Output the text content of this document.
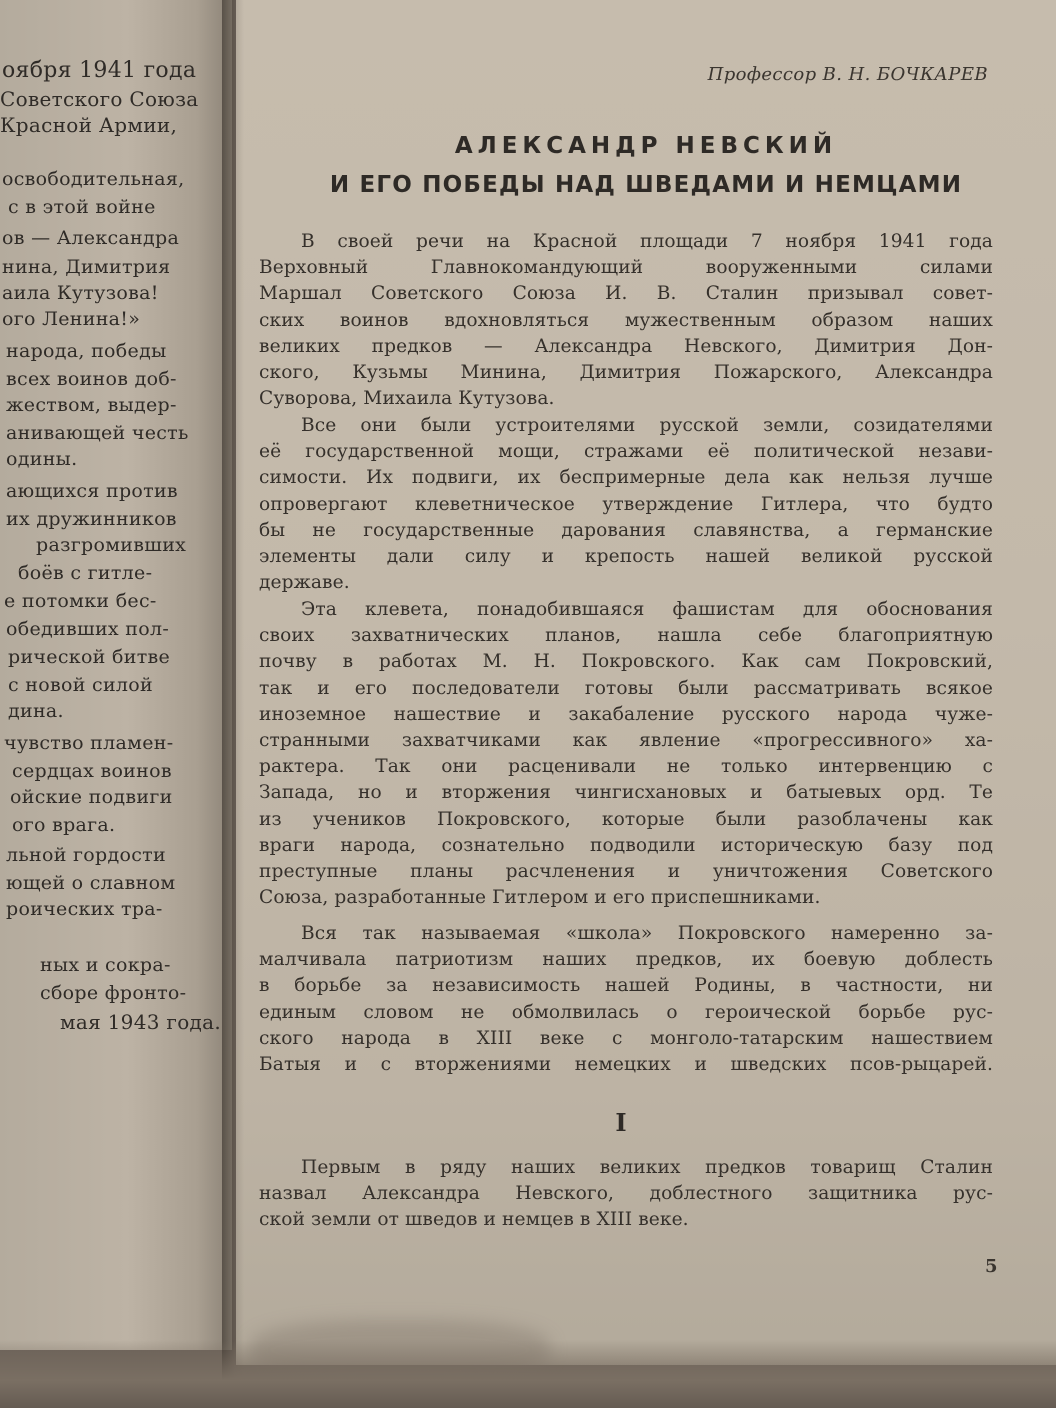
оября 1941 года
Советского Союза
Красной Армии,
освободительная,
с в этой войне
ов — Александра
нина, Димитрия
аила Кутузова!
ого Ленина!»
народа, победы
всех воинов доб-
жеством, выдер-
анивающей честь
одины.
ающихся против
их дружинников
разгромивших
боёв с гитле-
е потомки бес-
обедивших пол-
рической битве
с новой силой
дина.
чувство пламен-
сердцах воинов
ойские подвиги
ого врага.
льной гордости
ющей о славном
роических тра-
ных и сокра-
сборе фронто-
мая 1943 года.
Профессор В. Н. БОЧКАРЕВ
АЛЕКСАНДР НЕВСКИЙ
И ЕГО ПОБЕДЫ НАД ШВЕДАМИ И НЕМЦАМИ
В своей речи на Красной площади 7 ноября 1941 года
Верховный Главнокомандующий вооруженными силами
Маршал Советского Союза И. В. Сталин призывал совет-
ских воинов вдохновляться мужественным образом наших
великих предков — Александра Невского, Димитрия Дон-
ского, Кузьмы Минина, Димитрия Пожарского, Александра
Суворова, Михаила Кутузова.
Все они были устроителями русской земли, созидателями
её государственной мощи, стражами её политической незави-
симости. Их подвиги, их беспримерные дела как нельзя лучше
опровергают клеветническое утверждение Гитлера, что будто
бы не государственные дарования славянства, а германские
элементы дали силу и крепость нашей великой русской
державе.
Эта клевета, понадобившаяся фашистам для обоснования
своих захватнических планов, нашла себе благоприятную
почву в работах М. Н. Покровского. Как сам Покровский,
так и его последователи готовы были рассматривать всякое
иноземное нашествие и закабаление русского народа чуже-
странными захватчиками как явление «прогрессивного» ха-
рактера. Так они расценивали не только интервенцию с
Запада, но и вторжения чингисхановых и батыевых орд. Те
из учеников Покровского, которые были разоблачены как
враги народа, сознательно подводили историческую базу под
преступные планы расчленения и уничтожения Советского
Союза, разработанные Гитлером и его приспешниками.
Вся так называемая «школа» Покровского намеренно за-
малчивала патриотизм наших предков, их боевую доблесть
в борьбе за независимость нашей Родины, в частности, ни
единым словом не обмолвилась о героической борьбе рус-
ского народа в XIII веке с монголо-татарским нашествием
Батыя и с вторжениями немецких и шведских псов-рыцарей.
I
Первым в ряду наших великих предков товарищ Сталин
назвал Александра Невского, доблестного защитника рус-
ской земли от шведов и немцев в XIII веке.
5
